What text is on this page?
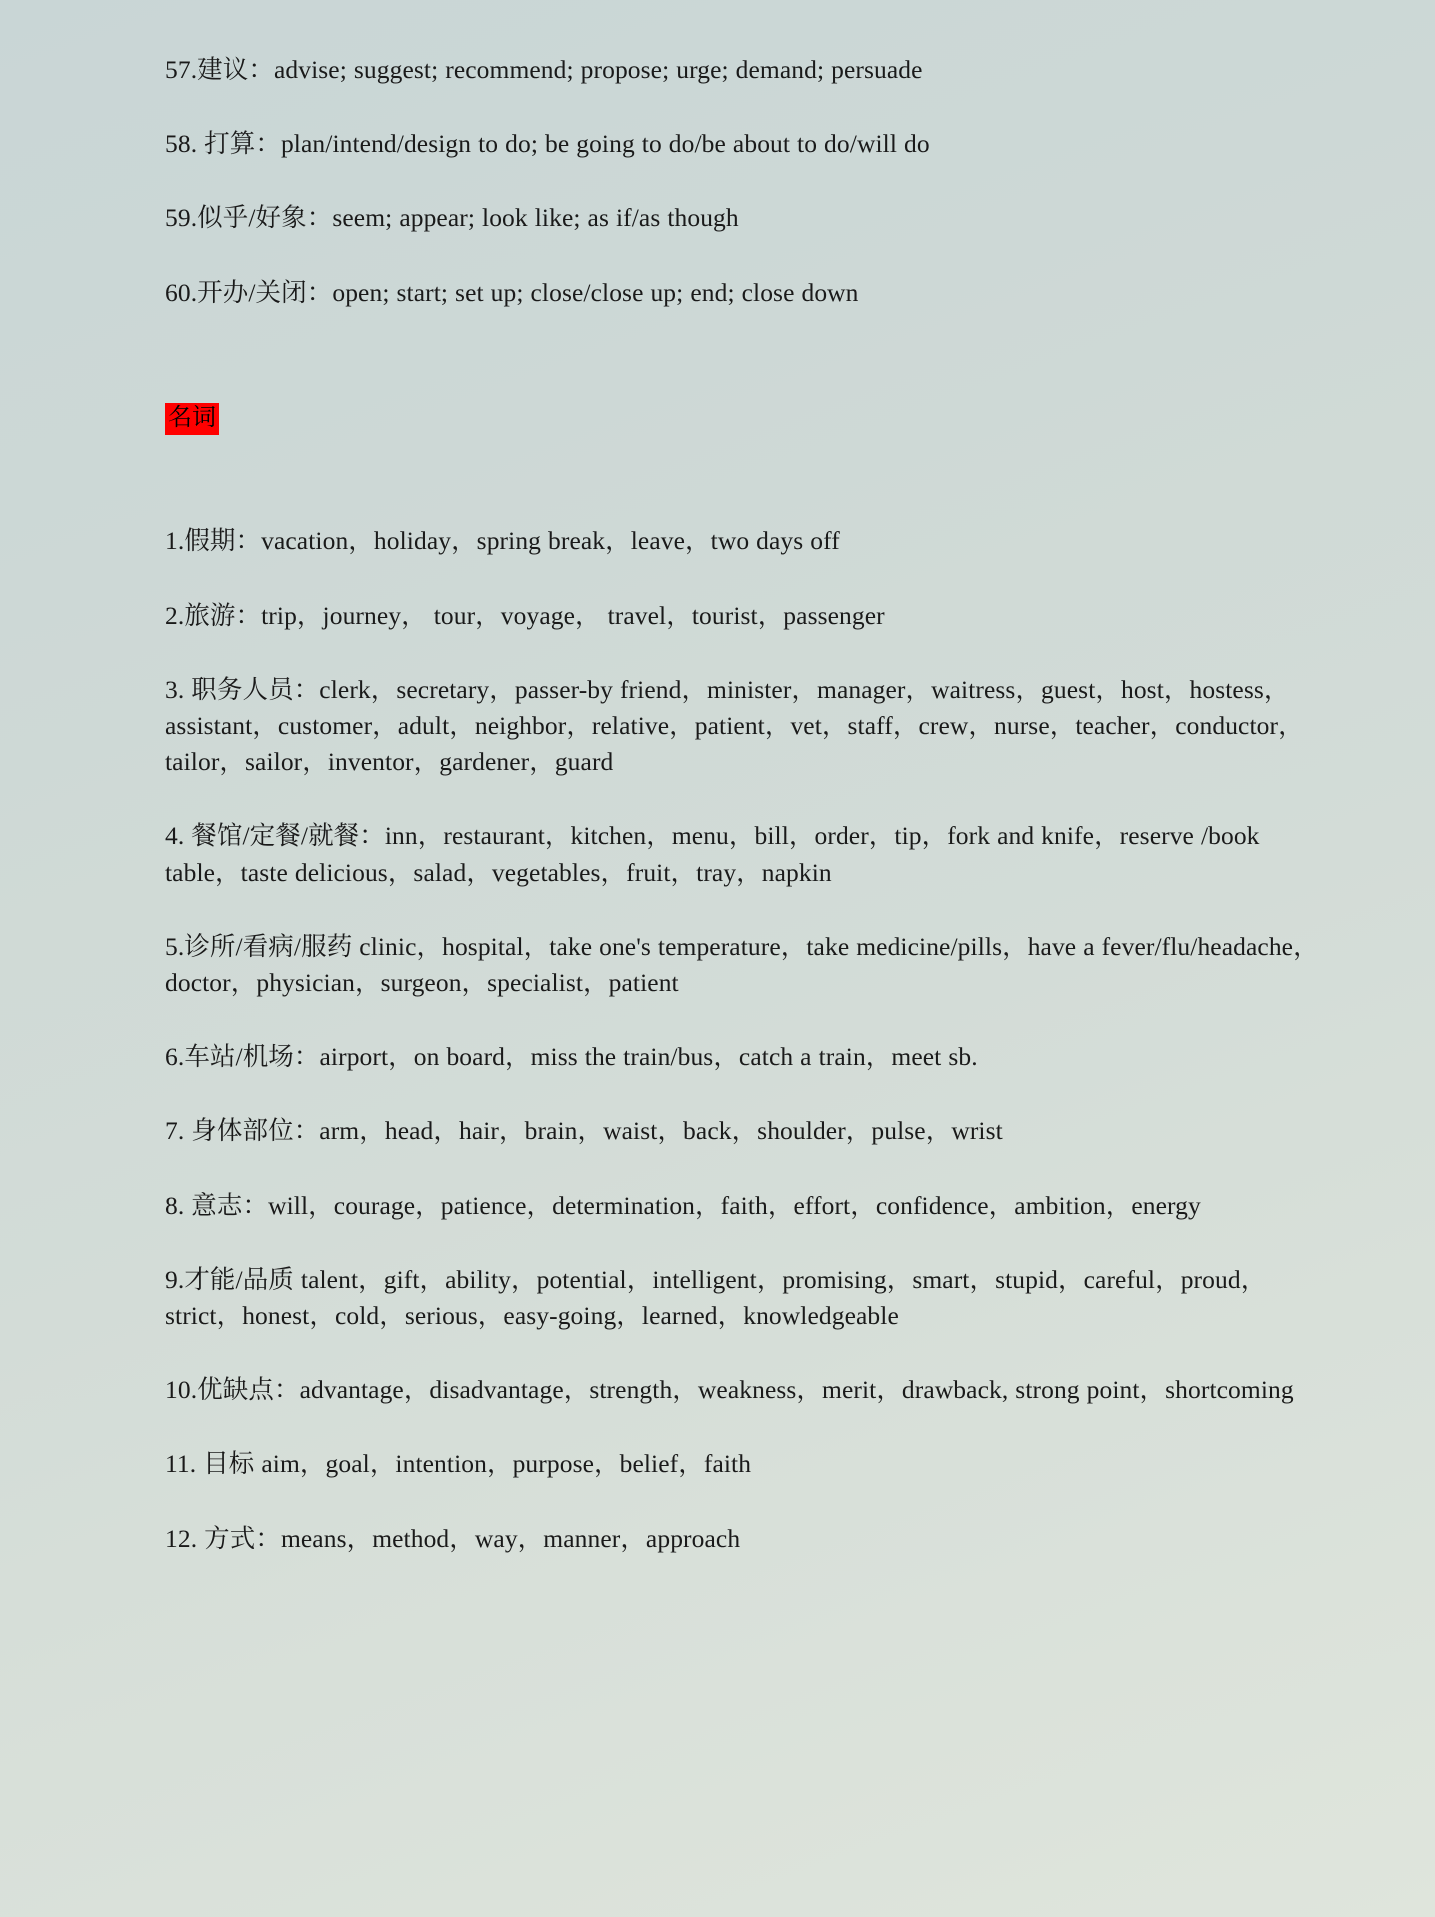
57.建议：advise; suggest; recommend; propose; urge; demand; persuade

58. 打算：plan/intend/design to do; be going to do/be about to do/will do

59.似乎/好象：seem; appear; look like; as if/as though

60.开办/关闭：open; start; set up; close/close up; end; close down

名词

1.假期：vacation，holiday，spring break，leave，two days off

2.旅游：trip，journey， tour，voyage， travel，tourist，passenger

3. 职务人员：clerk，secretary，passer-by friend，minister，manager，waitress，guest，host，hostess，assistant，customer，adult，neighbor，relative，patient，vet，staff，crew，nurse，teacher，conductor，tailor，sailor，inventor，gardener，guard

4. 餐馆/定餐/就餐：inn，restaurant，kitchen，menu，bill，order，tip，fork and knife，reserve /book table，taste delicious，salad，vegetables，fruit，tray，napkin

5.诊所/看病/服药 clinic，hospital，take one's temperature，take medicine/pills，have a fever/flu/headache，doctor，physician，surgeon，specialist，patient

6.车站/机场：airport，on board，miss the train/bus，catch a train，meet sb.

7. 身体部位：arm，head，hair，brain，waist，back，shoulder，pulse，wrist

8. 意志：will，courage，patience，determination，faith，effort，confidence，ambition，energy

9.才能/品质 talent，gift，ability，potential，intelligent，promising，smart，stupid，careful，proud，strict，honest，cold，serious，easy-going，learned，knowledgeable

10.优缺点：advantage，disadvantage，strength，weakness，merit，drawback, strong point，shortcoming

11. 目标 aim，goal，intention，purpose，belief，faith

12. 方式：means，method，way，manner，approach
